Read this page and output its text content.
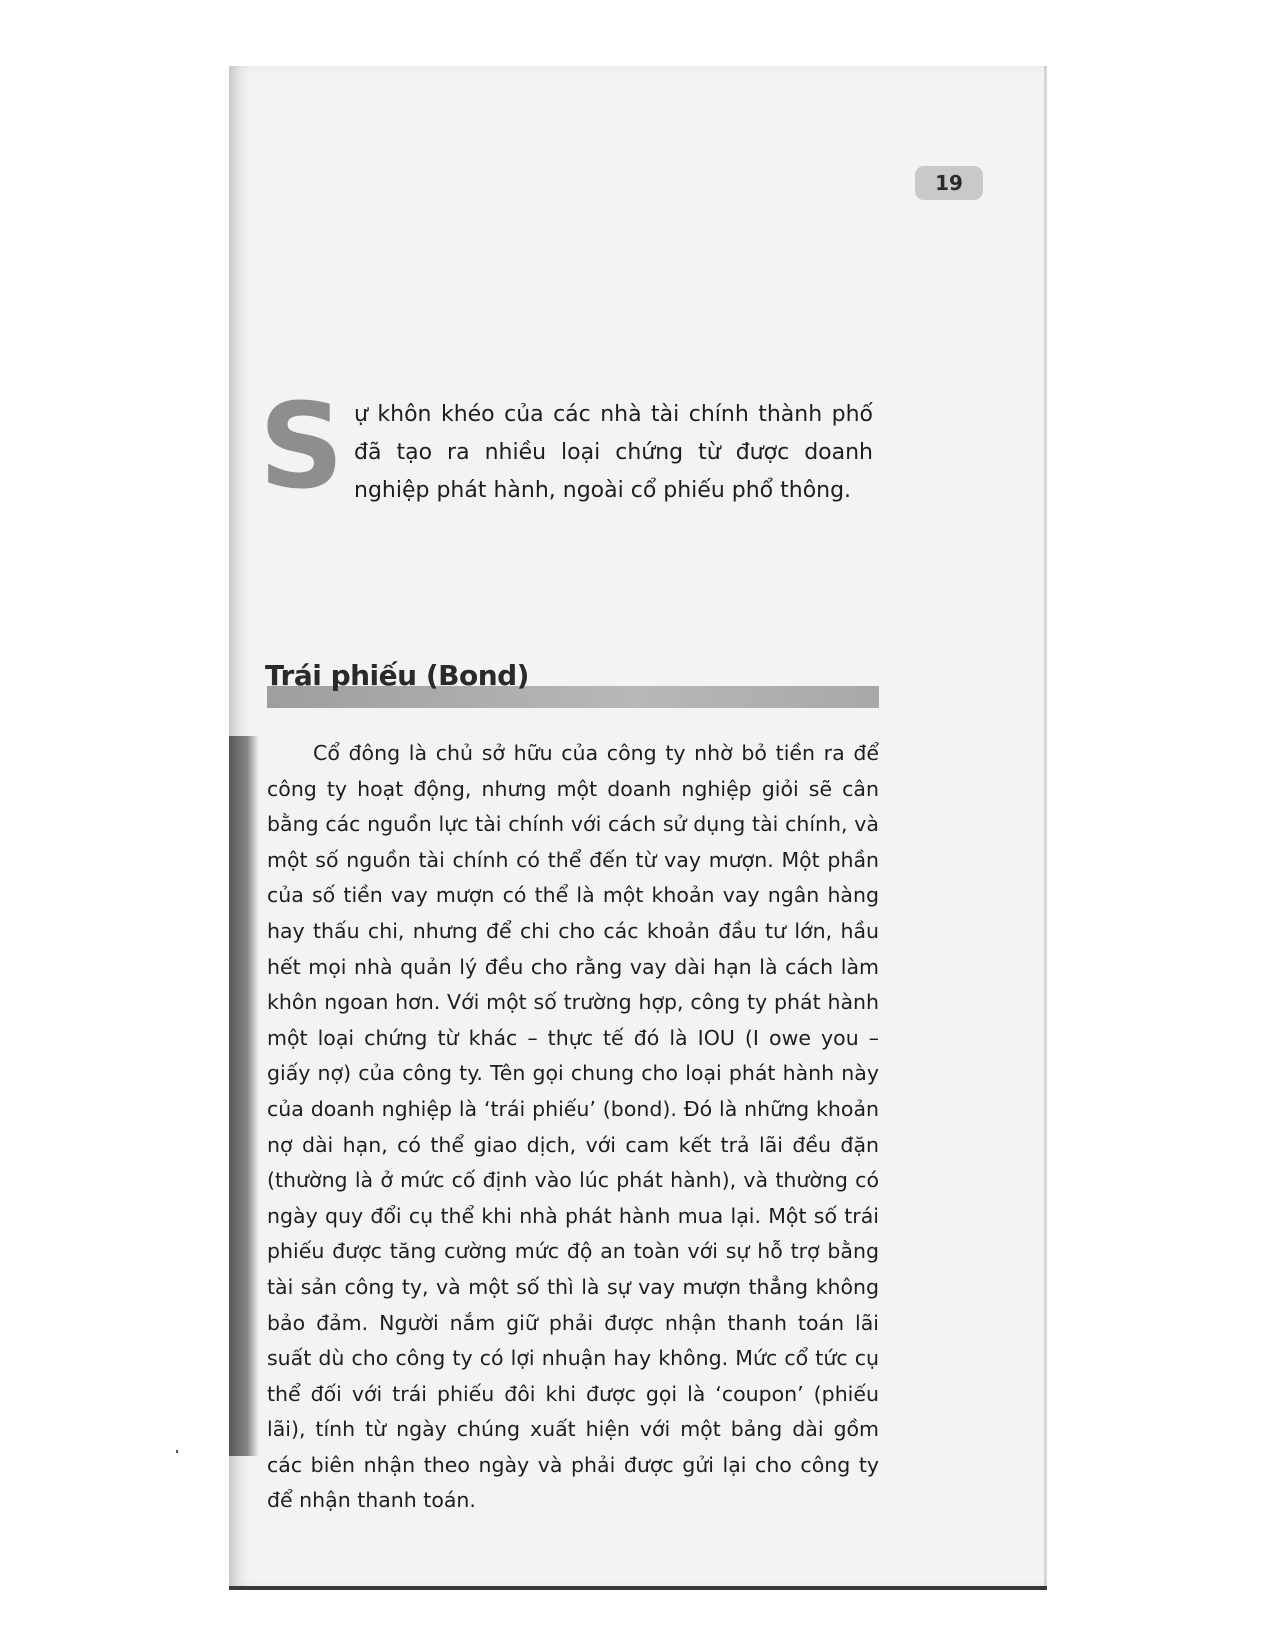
19
Sự khôn khéo của các nhà tài chính thành phố đã tạo ra nhiều loại chứng từ được doanh nghiệp phát hành, ngoài cổ phiếu phổ thông.
Trái phiếu (Bond)
Cổ đông là chủ sở hữu của công ty nhờ bỏ tiền ra để công ty hoạt động, nhưng một doanh nghiệp giỏi sẽ cân bằng các nguồn lực tài chính với cách sử dụng tài chính, và một số nguồn tài chính có thể đến từ vay mượn. Một phần của số tiền vay mượn có thể là một khoản vay ngân hàng hay thấu chi, nhưng để chi cho các khoản đầu tư lớn, hầu hết mọi nhà quản lý đều cho rằng vay dài hạn là cách làm khôn ngoan hơn. Với một số trường hợp, công ty phát hành một loại chứng từ khác – thực tế đó là IOU (I owe you – giấy nợ) của công ty. Tên gọi chung cho loại phát hành này của doanh nghiệp là ‘trái phiếu’ (bond). Đó là những khoản nợ dài hạn, có thể giao dịch, với cam kết trả lãi đều đặn (thường là ở mức cố định vào lúc phát hành), và thường có ngày quy đổi cụ thể khi nhà phát hành mua lại. Một số trái phiếu được tăng cường mức độ an toàn với sự hỗ trợ bằng tài sản công ty, và một số thì là sự vay mượn thẳng không bảo đảm. Người nắm giữ phải được nhận thanh toán lãi suất dù cho công ty có lợi nhuận hay không. Mức cổ tức cụ thể đối với trái phiếu đôi khi được gọi là ‘coupon’ (phiếu lãi), tính từ ngày chúng xuất hiện với một bảng dài gồm các biên nhận theo ngày và phải được gửi lại cho công ty để nhận thanh toán.
